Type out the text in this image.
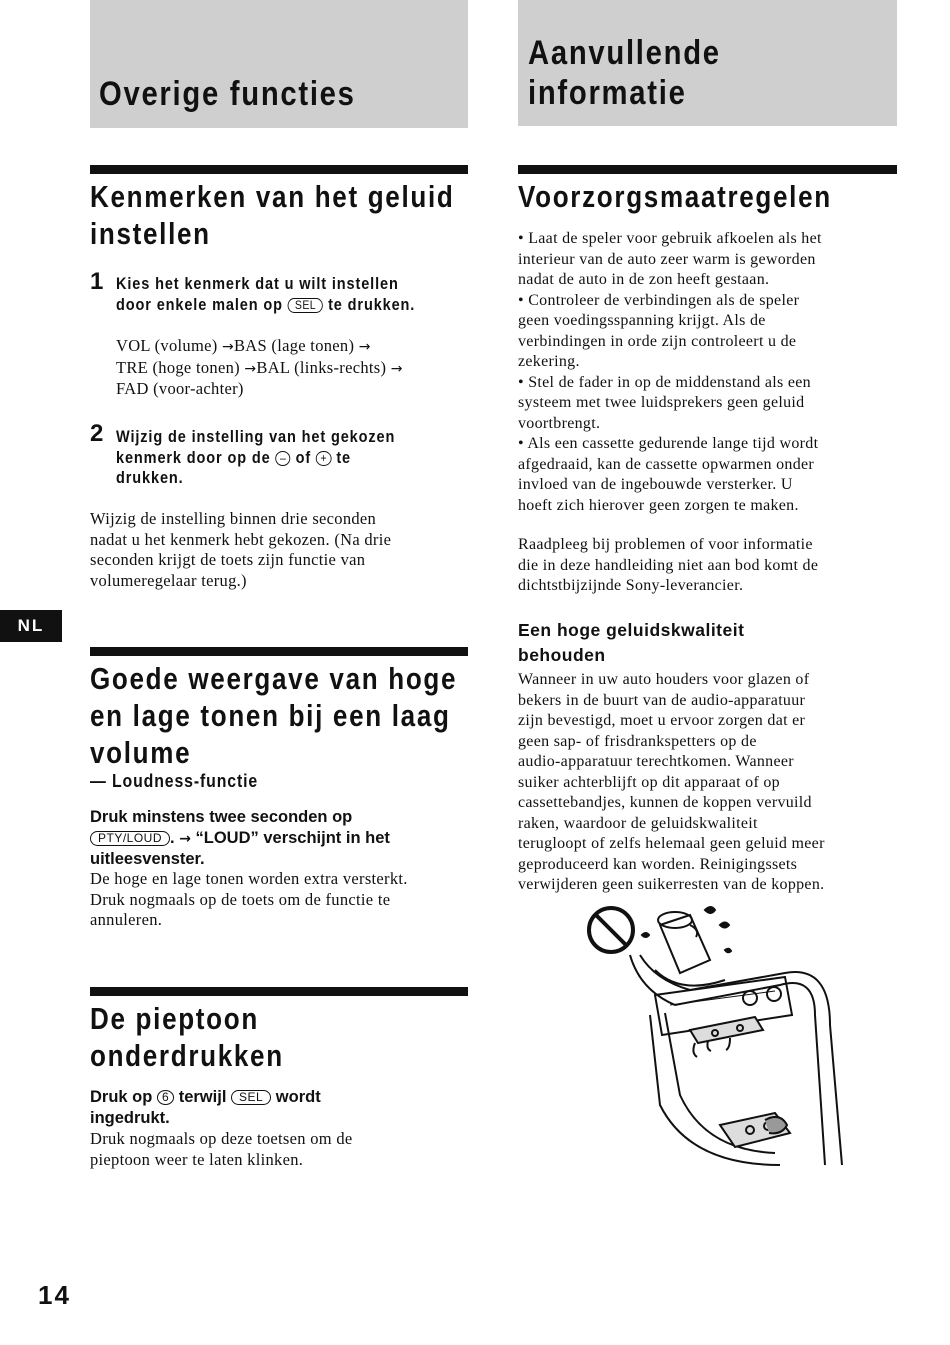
Overige functies
Kenmerken van het geluid
instellen
1 Kies het kenmerk dat u wilt instellen
door enkele malen op SEL te drukken.
VOL (volume) →BAS (lage tonen) →
TRE (hoge tonen) →BAL (links-rechts) →
FAD (voor-achter)
2 Wijzig de instelling van het gekozen
kenmerk door op de – of + te
drukken.
Wijzig de instelling binnen drie seconden
nadat u het kenmerk hebt gekozen. (Na drie
seconden krijgt de toets zijn functie van
volumeregelaar terug.)
NL
Goede weergave van hoge
en lage tonen bij een laag
volume
— Loudness-functie
Druk minstens twee seconden op
PTY/LOUD . → “LOUD” verschijnt in het
uitleesvenster.
De hoge en lage tonen worden extra versterkt.
Druk nogmaals op de toets om de functie te
annuleren.
De pieptoon
onderdrukken
Druk op 6 terwijl SEL wordt
ingedrukt.
Druk nogmaals op deze toetsen om de
pieptoon weer te laten klinken.
14
Aanvullende
informatie
Voorzorgsmaatregelen
• Laat de speler voor gebruik afkoelen als het
interieur van de auto zeer warm is geworden
nadat de auto in de zon heeft gestaan.
• Controleer de verbindingen als de speler
geen voedingsspanning krijgt. Als de
verbindingen in orde zijn controleert u de
zekering.
• Stel de fader in op de middenstand als een
systeem met twee luidsprekers geen geluid
voortbrengt.
• Als een cassette gedurende lange tijd wordt
afgedraaid, kan de cassette opwarmen onder
invloed van de ingebouwde versterker. U
hoeft zich hierover geen zorgen te maken.
Raadpleeg bij problemen of voor informatie
die in deze handleiding niet aan bod komt de
dichtstbijzijnde Sony-leverancier.
Een hoge geluidskwaliteit
behouden
Wanneer in uw auto houders voor glazen of
bekers in de buurt van de audio-apparatuur
zijn bevestigd, moet u ervoor zorgen dat er
geen sap- of frisdrankspetters op de
audio-apparatuur terechtkomen. Wanneer
suiker achterblijft op dit apparaat of op
cassettebandjes, kunnen de koppen vervuild
raken, waardoor de geluidskwaliteit
terugloopt of zelfs helemaal geen geluid meer
geproduceerd kan worden. Reinigingssets
verwijderen geen suikerresten van de koppen.
